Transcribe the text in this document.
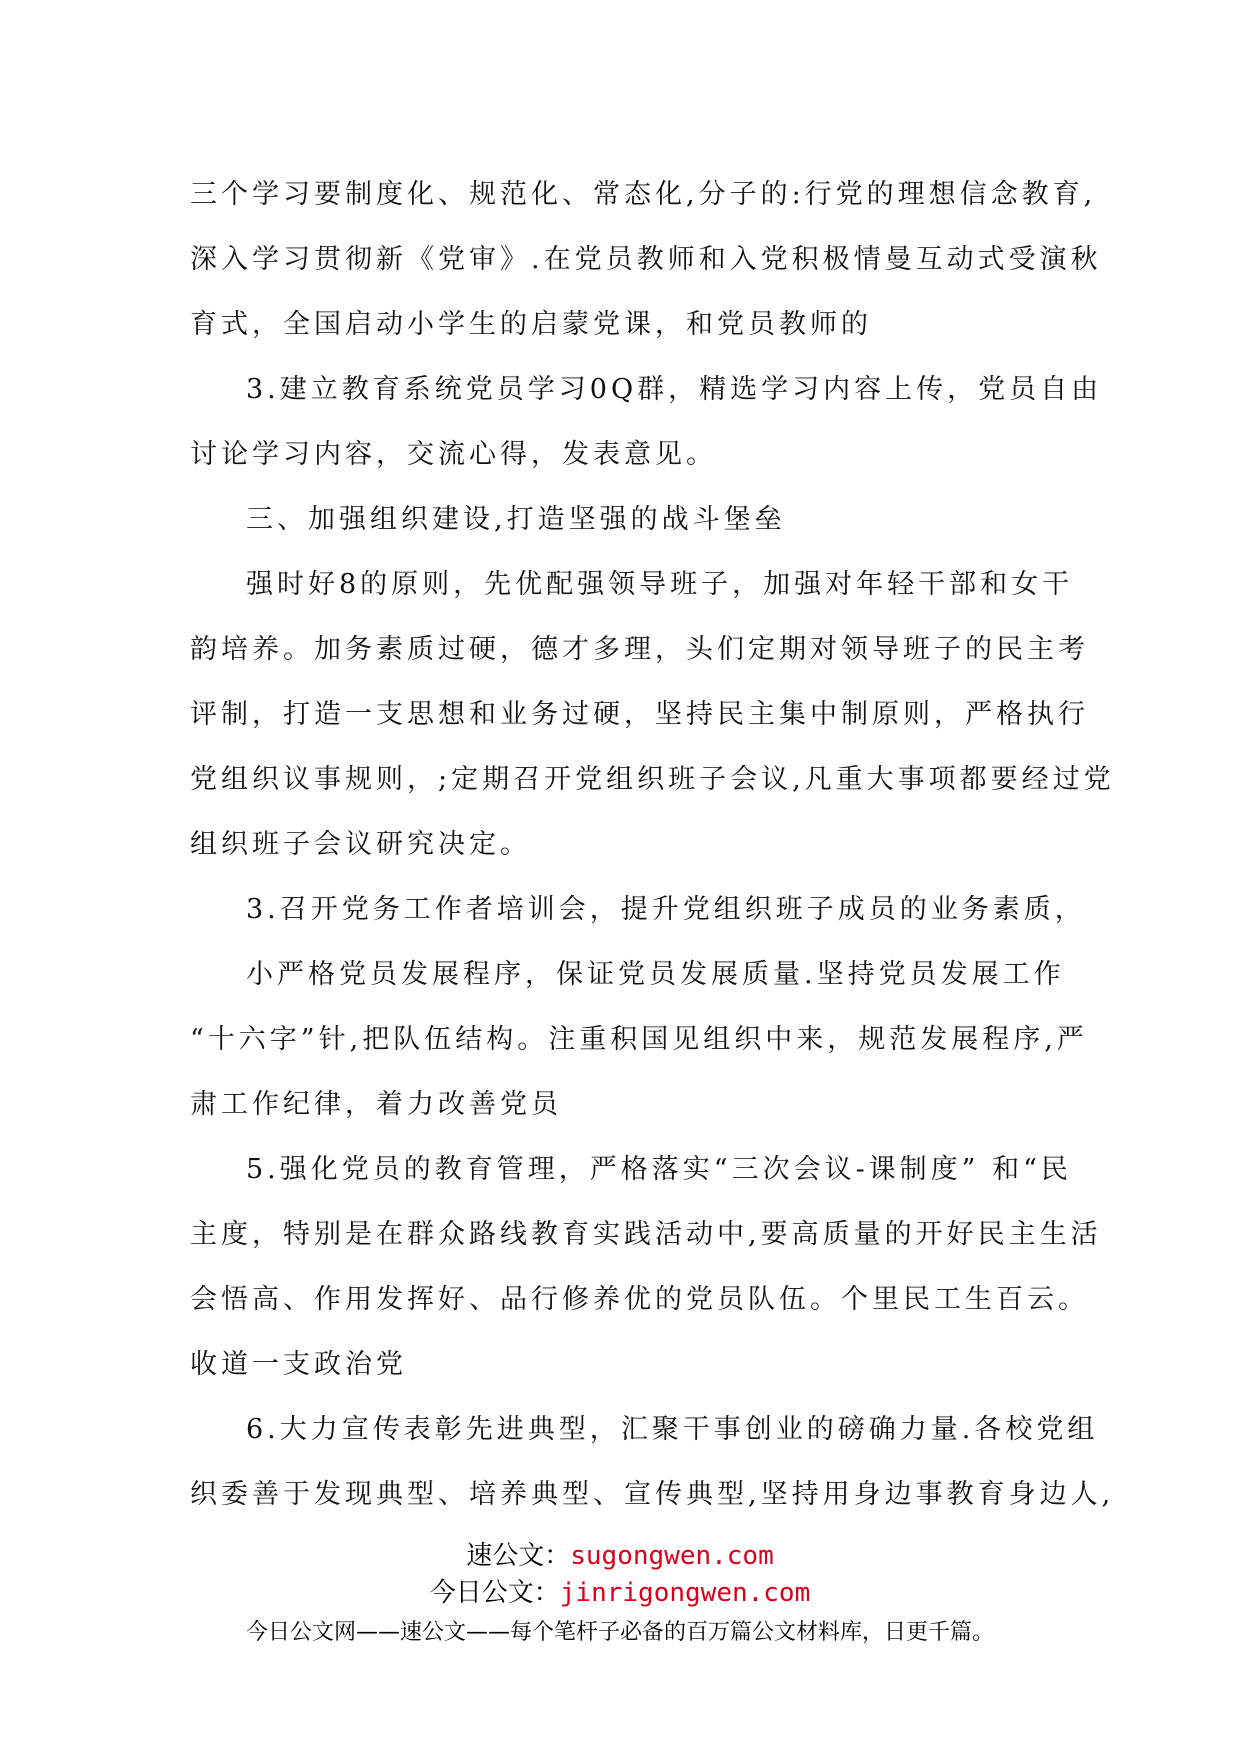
三个学习要制度化、规范化、常态化,分子的:行党的理想信念教育,
深入学习贯彻新《党审》.在党员教师和入党积极情曼互动式受演秋
育式，全国启动小学生的启蒙党课，和党员教师的
3.建立教育系统党员学习0Q群，精选学习内容上传，党员自由
讨论学习内容，交流心得，发表意见。
三、加强组织建设,打造坚强的战斗堡垒
强时好8的原则，先优配强领导班子，加强对年轻干部和女干
韵培养。加务素质过硬，德才多理，头们定期对领导班子的民主考
评制，打造一支思想和业务过硬，坚持民主集中制原则，严格执行
党组织议事规则，;定期召开党组织班子会议,凡重大事项都要经过党
组织班子会议研究决定。
3.召开党务工作者培训会，提升党组织班子成员的业务素质，
小严格党员发展程序，保证党员发展质量.坚持党员发展工作
“十六字”针,把队伍结构。注重积国见组织中来，规范发展程序,严
肃工作纪律，着力改善党员
5.强化党员的教育管理，严格落实“三次会议-课制度” 和“民
主度，特别是在群众路线教育实践活动中,要高质量的开好民主生活
会悟高、作用发挥好、品行修养优的党员队伍。个里民工生百云。
收道一支政治党
6.大力宣传表彰先进典型，汇聚干事创业的磅确力量.各校党组
织委善于发现典型、培养典型、宣传典型,坚持用身边事教育身边人,
速公文：sugongwen.com
今日公文：jinrigongwen.com
今日公文网——速公文——每个笔杆子必备的百万篇公文材料库，日更千篇。
